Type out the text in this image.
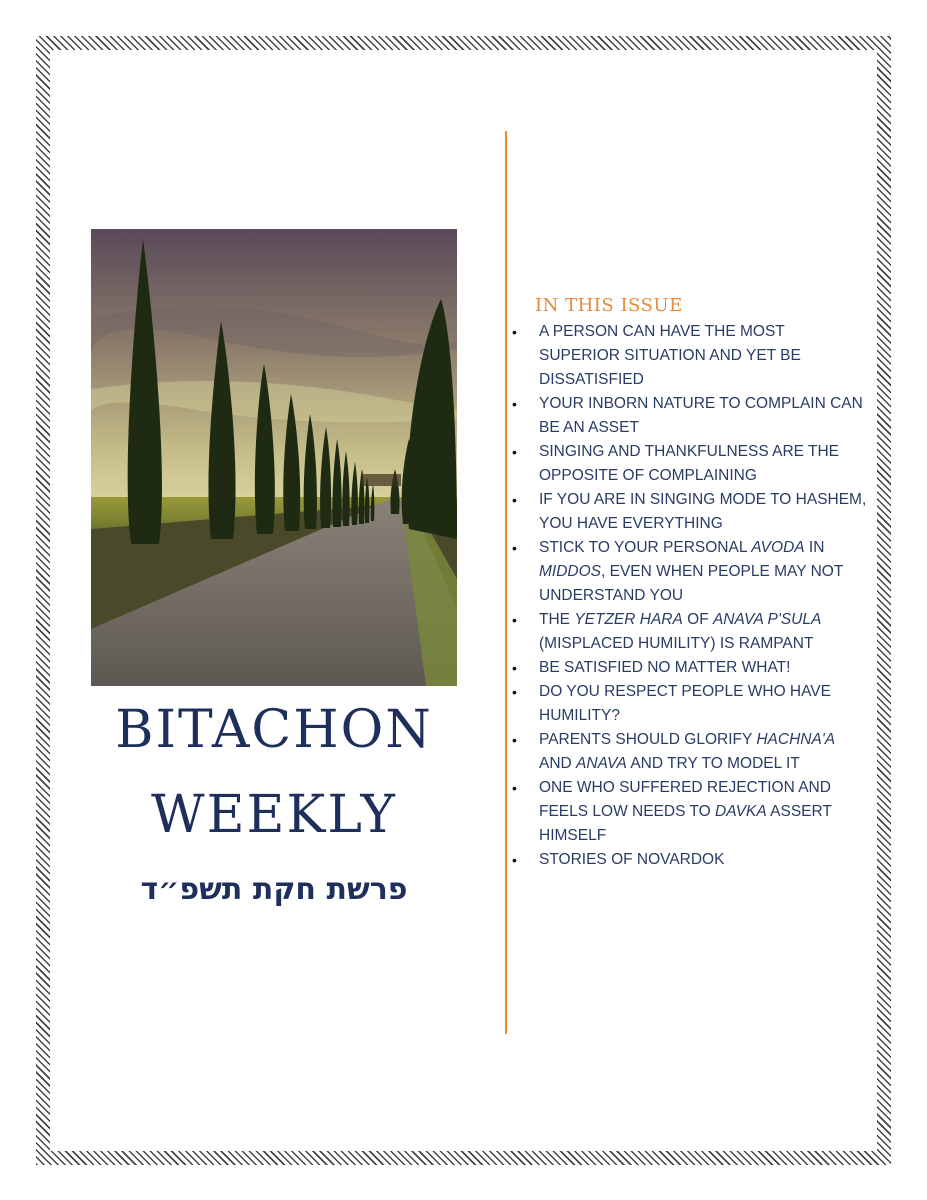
BITACHON
WEEKLY
פרשת חקת תשפ״ד
IN THIS ISSUE
• A PERSON CAN HAVE THE MOST SUPERIOR SITUATION AND YET BE DISSATISFIED
• YOUR INBORN NATURE TO COMPLAIN CAN BE AN ASSET
• SINGING AND THANKFULNESS ARE THE OPPOSITE OF COMPLAINING
• IF YOU ARE IN SINGING MODE TO HASHEM, YOU HAVE EVERYTHING
• STICK TO YOUR PERSONAL AVODA IN MIDDOS, EVEN WHEN PEOPLE MAY NOT UNDERSTAND YOU
• THE YETZER HARA OF ANAVA P'SULA (MISPLACED HUMILITY) IS RAMPANT
• BE SATISFIED NO MATTER WHAT!
• DO YOU RESPECT PEOPLE WHO HAVE HUMILITY?
• PARENTS SHOULD GLORIFY HACHNA'A AND ANAVA AND TRY TO MODEL IT
• ONE WHO SUFFERED REJECTION AND FEELS LOW NEEDS TO DAVKA ASSERT HIMSELF
• STORIES OF NOVARDOK
